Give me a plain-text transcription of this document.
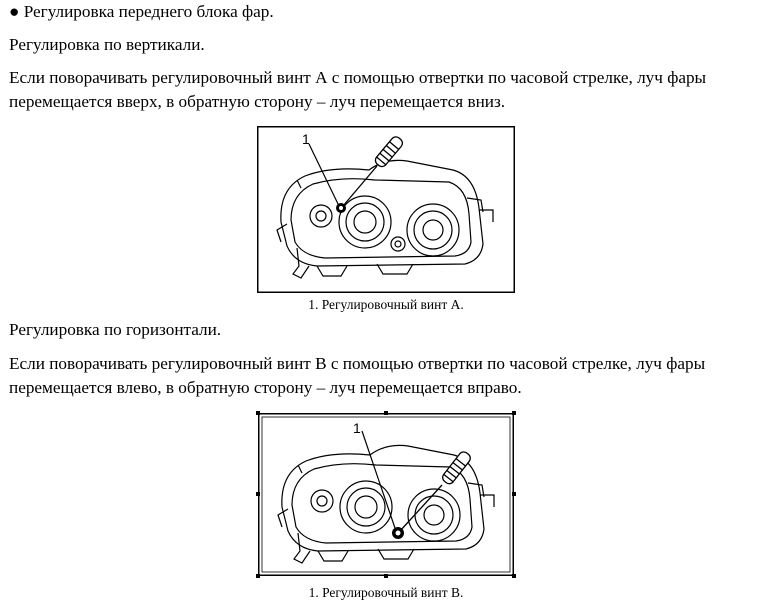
● Регулировка переднего блока фар.
Регулировка по вертикали.
Если поворачивать регулировочный винт А с помощью отвертки по часовой стрелке, луч фары
перемещается вверх, в обратную сторону – луч перемещается вниз.
1
1. Регулировочный винт А.
Регулировка по горизонтали.
Если поворачивать регулировочный винт В с помощью отвертки по часовой стрелке, луч фары
перемещается влево, в обратную сторону – луч перемещается вправо.
1
1. Регулировочный винт В.
